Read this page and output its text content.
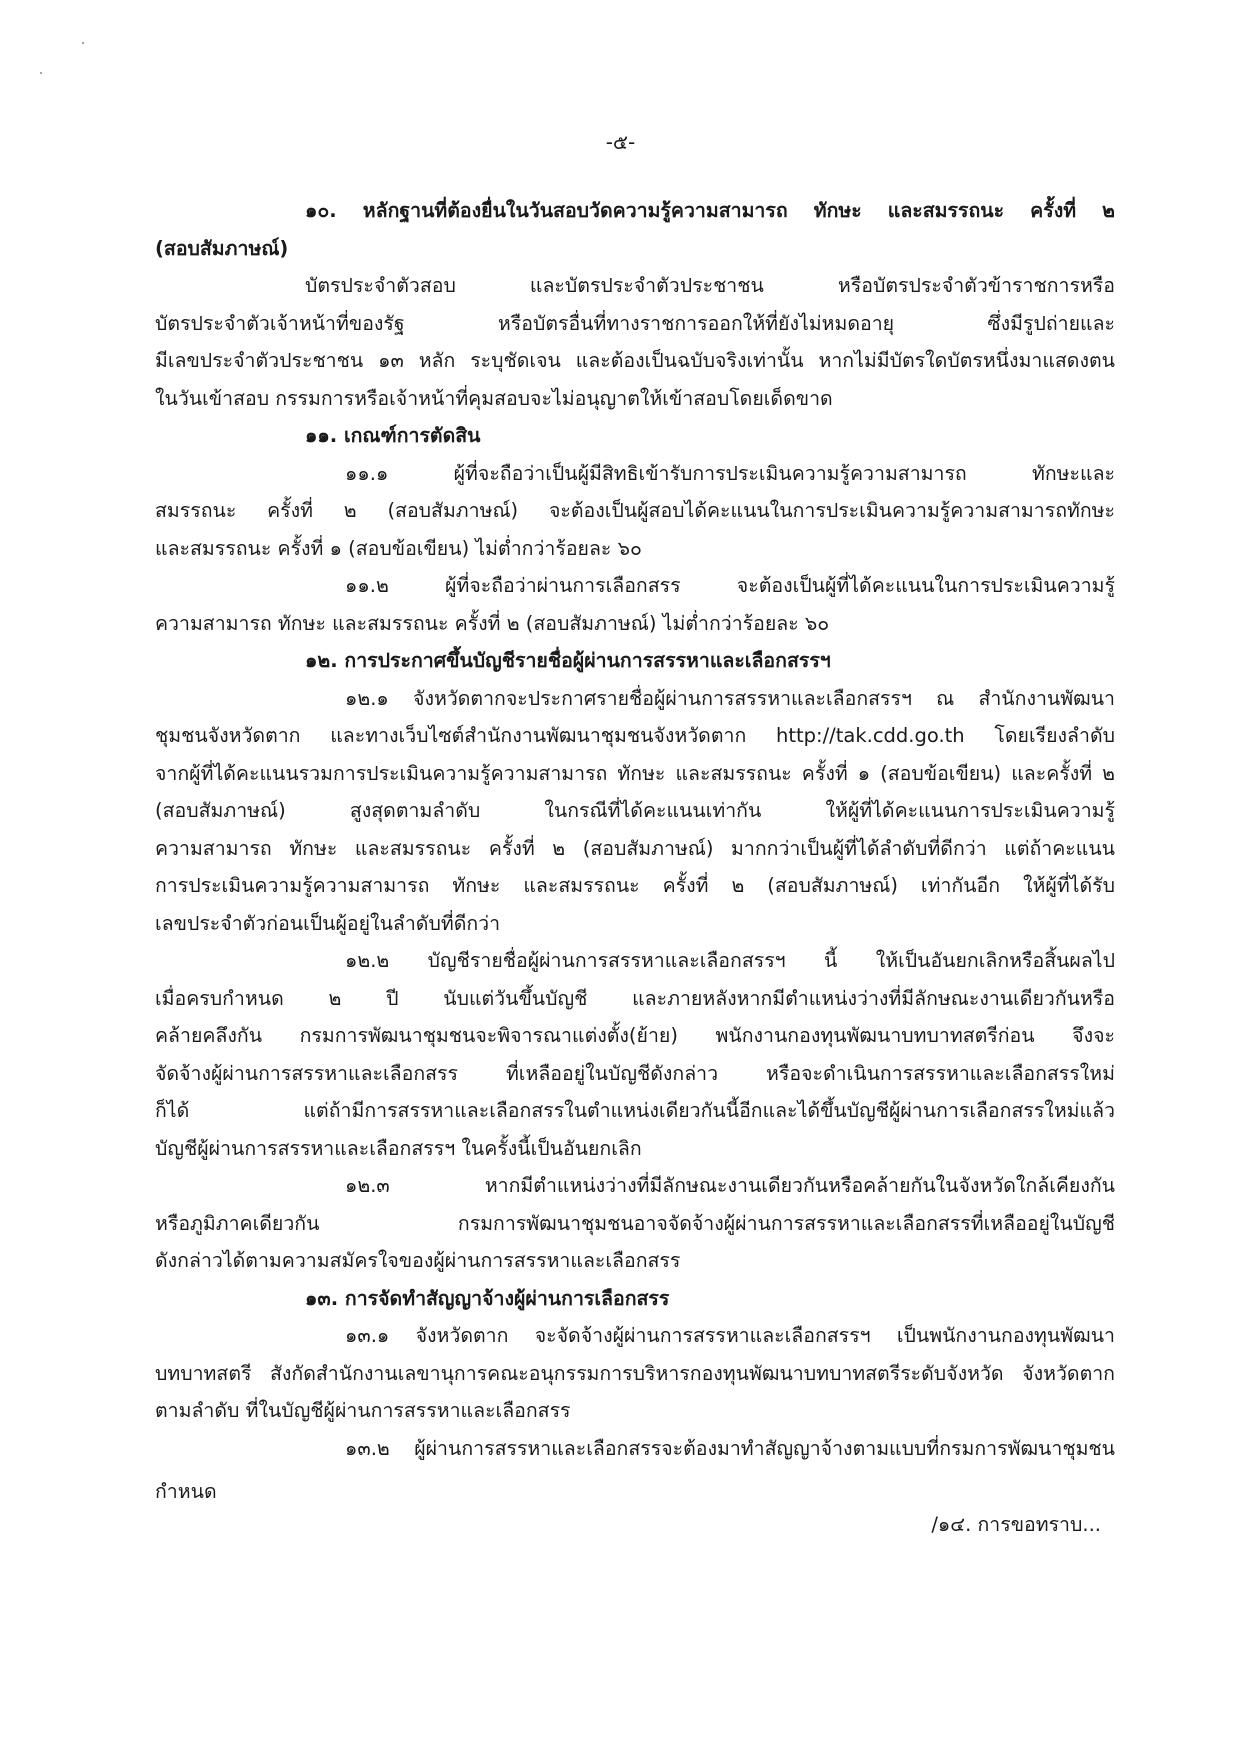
-๕-
๑๐. หลักฐานที่ต้องยื่นในวันสอบวัดความรู้ความสามารถ ทักษะ และสมรรถนะ ครั้งที่ ๒
(สอบสัมภาษณ์)
บัตรประจำตัวสอบ และบัตรประจำตัวประชาชน หรือบัตรประจำตัวข้าราชการหรือ
บัตรประจำตัวเจ้าหน้าที่ของรัฐ หรือบัตรอื่นที่ทางราชการออกให้ที่ยังไม่หมดอายุ ซึ่งมีรูปถ่ายและ
มีเลขประจำตัวประชาชน ๑๓ หลัก ระบุชัดเจน และต้องเป็นฉบับจริงเท่านั้น หากไม่มีบัตรใดบัตรหนึ่งมาแสดงตน
ในวันเข้าสอบ กรรมการหรือเจ้าหน้าที่คุมสอบจะไม่อนุญาตให้เข้าสอบโดยเด็ดขาด
๑๑. เกณฑ์การตัดสิน
๑๑.๑ ผู้ที่จะถือว่าเป็นผู้มีสิทธิเข้ารับการประเมินความรู้ความสามารถ ทักษะและ
สมรรถนะ ครั้งที่ ๒ (สอบสัมภาษณ์) จะต้องเป็นผู้สอบได้คะแนนในการประเมินความรู้ความสามารถทักษะ
และสมรรถนะ ครั้งที่ ๑ (สอบข้อเขียน) ไม่ต่ำกว่าร้อยละ ๖๐
๑๑.๒ ผู้ที่จะถือว่าผ่านการเลือกสรร จะต้องเป็นผู้ที่ได้คะแนนในการประเมินความรู้
ความสามารถ ทักษะ และสมรรถนะ ครั้งที่ ๒ (สอบสัมภาษณ์) ไม่ต่ำกว่าร้อยละ ๖๐
๑๒. การประกาศขึ้นบัญชีรายชื่อผู้ผ่านการสรรหาและเลือกสรรฯ
๑๒.๑ จังหวัดตากจะประกาศรายชื่อผู้ผ่านการสรรหาและเลือกสรรฯ ณ สำนักงานพัฒนา
ชุมชนจังหวัดตาก และทางเว็บไซต์สำนักงานพัฒนาชุมชนจังหวัดตาก http://tak.cdd.go.th โดยเรียงลำดับ
จากผู้ที่ได้คะแนนรวมการประเมินความรู้ความสามารถ ทักษะ และสมรรถนะ ครั้งที่ ๑ (สอบข้อเขียน) และครั้งที่ ๒
(สอบสัมภาษณ์) สูงสุดตามลำดับ ในกรณีที่ได้คะแนนเท่ากัน ให้ผู้ที่ได้คะแนนการประเมินความรู้
ความสามารถ ทักษะ และสมรรถนะ ครั้งที่ ๒ (สอบสัมภาษณ์) มากกว่าเป็นผู้ที่ได้ลำดับที่ดีกว่า แต่ถ้าคะแนน
การประเมินความรู้ความสามารถ ทักษะ และสมรรถนะ ครั้งที่ ๒ (สอบสัมภาษณ์) เท่ากันอีก ให้ผู้ที่ได้รับ
เลขประจำตัวก่อนเป็นผู้อยู่ในลำดับที่ดีกว่า
๑๒.๒ บัญชีรายชื่อผู้ผ่านการสรรหาและเลือกสรรฯ นี้ ให้เป็นอันยกเลิกหรือสิ้นผลไป
เมื่อครบกำหนด ๒ ปี นับแต่วันขึ้นบัญชี และภายหลังหากมีตำแหน่งว่างที่มีลักษณะงานเดียวกันหรือ
คล้ายคลึงกัน กรมการพัฒนาชุมชนจะพิจารณาแต่งตั้ง(ย้าย) พนักงานกองทุนพัฒนาบทบาทสตรีก่อน จึงจะ
จัดจ้างผู้ผ่านการสรรหาและเลือกสรร ที่เหลืออยู่ในบัญชีดังกล่าว หรือจะดำเนินการสรรหาและเลือกสรรใหม่
ก็ได้ แต่ถ้ามีการสรรหาและเลือกสรรในตำแหน่งเดียวกันนี้อีกและได้ขึ้นบัญชีผู้ผ่านการเลือกสรรใหม่แล้ว
บัญชีผู้ผ่านการสรรหาและเลือกสรรฯ ในครั้งนี้เป็นอันยกเลิก
๑๒.๓ หากมีตำแหน่งว่างที่มีลักษณะงานเดียวกันหรือคล้ายกันในจังหวัดใกล้เคียงกัน
หรือภูมิภาคเดียวกัน กรมการพัฒนาชุมชนอาจจัดจ้างผู้ผ่านการสรรหาและเลือกสรรที่เหลืออยู่ในบัญชี
ดังกล่าวได้ตามความสมัครใจของผู้ผ่านการสรรหาและเลือกสรร
๑๓. การจัดทำสัญญาจ้างผู้ผ่านการเลือกสรร
๑๓.๑ จังหวัดตาก จะจัดจ้างผู้ผ่านการสรรหาและเลือกสรรฯ เป็นพนักงานกองทุนพัฒนา
บทบาทสตรี สังกัดสำนักงานเลขานุการคณะอนุกรรมการบริหารกองทุนพัฒนาบทบาทสตรีระดับจังหวัด จังหวัดตาก
ตามลำดับ ที่ในบัญชีผู้ผ่านการสรรหาและเลือกสรร
๑๓.๒ ผู้ผ่านการสรรหาและเลือกสรรจะต้องมาทำสัญญาจ้างตามแบบที่กรมการพัฒนาชุมชน
กำหนด
/๑๔. การขอทราบ...
